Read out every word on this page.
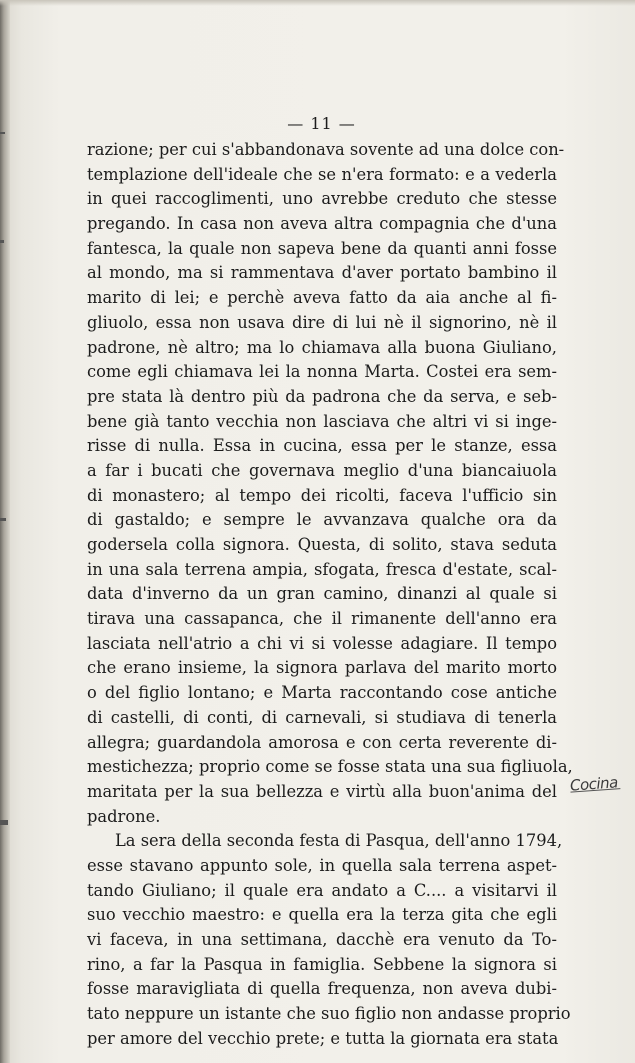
— 11 —
razione; per cui s'abbandonava sovente ad una dolce con-
templazione dell'ideale che se n'era formato: e a vederla
in quei raccoglimenti, uno avrebbe creduto che stesse
pregando. In casa non aveva altra compagnia che d'una
fantesca, la quale non sapeva bene da quanti anni fosse
al mondo, ma si rammentava d'aver portato bambino il
marito di lei; e perchè aveva fatto da aia anche al fi-
gliuolo, essa non usava dire di lui nè il signorino, nè il
padrone, nè altro; ma lo chiamava alla buona Giuliano,
come egli chiamava lei la nonna Marta. Costei era sem-
pre stata là dentro più da padrona che da serva, e seb-
bene già tanto vecchia non lasciava che altri vi si inge-
risse di nulla. Essa in cucina, essa per le stanze, essa
a far i bucati che governava meglio d'una biancaiuola
di monastero; al tempo dei ricolti, faceva l'ufficio sin
di gastaldo; e sempre le avvanzava qualche ora da
godersela colla signora. Questa, di solito, stava seduta
in una sala terrena ampia, sfogata, fresca d'estate, scal-
data d'inverno da un gran camino, dinanzi al quale si
tirava una cassapanca, che il rimanente dell'anno era
lasciata nell'atrio a chi vi si volesse adagiare. Il tempo
che erano insieme, la signora parlava del marito morto
o del figlio lontano; e Marta raccontando cose antiche
di castelli, di conti, di carnevali, si studiava di tenerla
allegra; guardandola amorosa e con certa reverente di-
mestichezza; proprio come se fosse stata una sua figliuola,
maritata per la sua bellezza e virtù alla buon'anima del
padrone.
La sera della seconda festa di Pasqua, dell'anno 1794,
esse stavano appunto sole, in quella sala terrena aspet-
tando Giuliano; il quale era andato a C.... a visitarvi il
suo vecchio maestro: e quella era la terza gita che egli
vi faceva, in una settimana, dacchè era venuto da To-
rino, a far la Pasqua in famiglia. Sebbene la signora si
fosse maravigliata di quella frequenza, non aveva dubi-
tato neppure un istante che suo figlio non andasse proprio
per amore del vecchio prete; e tutta la giornata era stata
Cocina
